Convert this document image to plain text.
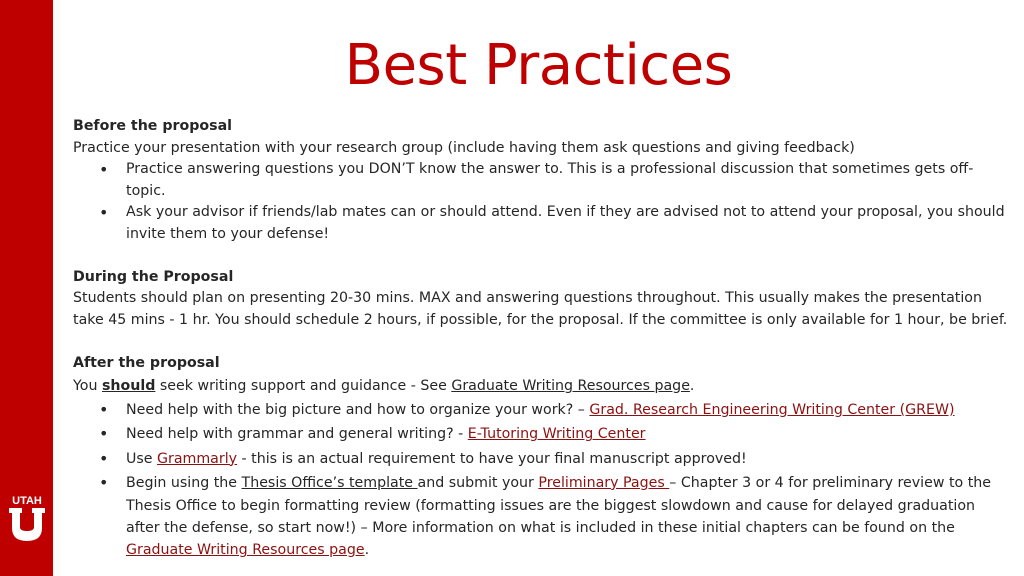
UTAH
Best Practices
Before the proposal
Practice your presentation with your research group (include having them ask questions and giving feedback)
• Practice answering questions you DON’T know the answer to. This is a professional discussion that sometimes gets off-
topic.
• Ask your advisor if friends/lab mates can or should attend. Even if they are advised not to attend your proposal, you should
invite them to your defense!
During the Proposal
Students should plan on presenting 20-30 mins. MAX and answering questions throughout. This usually makes the presentation
take 45 mins - 1 hr. You should schedule 2 hours, if possible, for the proposal. If the committee is only available for 1 hour, be brief.
After the proposal
You should seek writing support and guidance - See Graduate Writing Resources page.
• Need help with the big picture and how to organize your work? – Grad. Research Engineering Writing Center (GREW)
• Need help with grammar and general writing? - E-Tutoring Writing Center
• Use Grammarly - this is an actual requirement to have your final manuscript approved!
• Begin using the Thesis Office’s template and submit your Preliminary Pages – Chapter 3 or 4 for preliminary review to the
Thesis Office to begin formatting review (formatting issues are the biggest slowdown and cause for delayed graduation
after the defense, so start now!) – More information on what is included in these initial chapters can be found on the
Graduate Writing Resources page.
